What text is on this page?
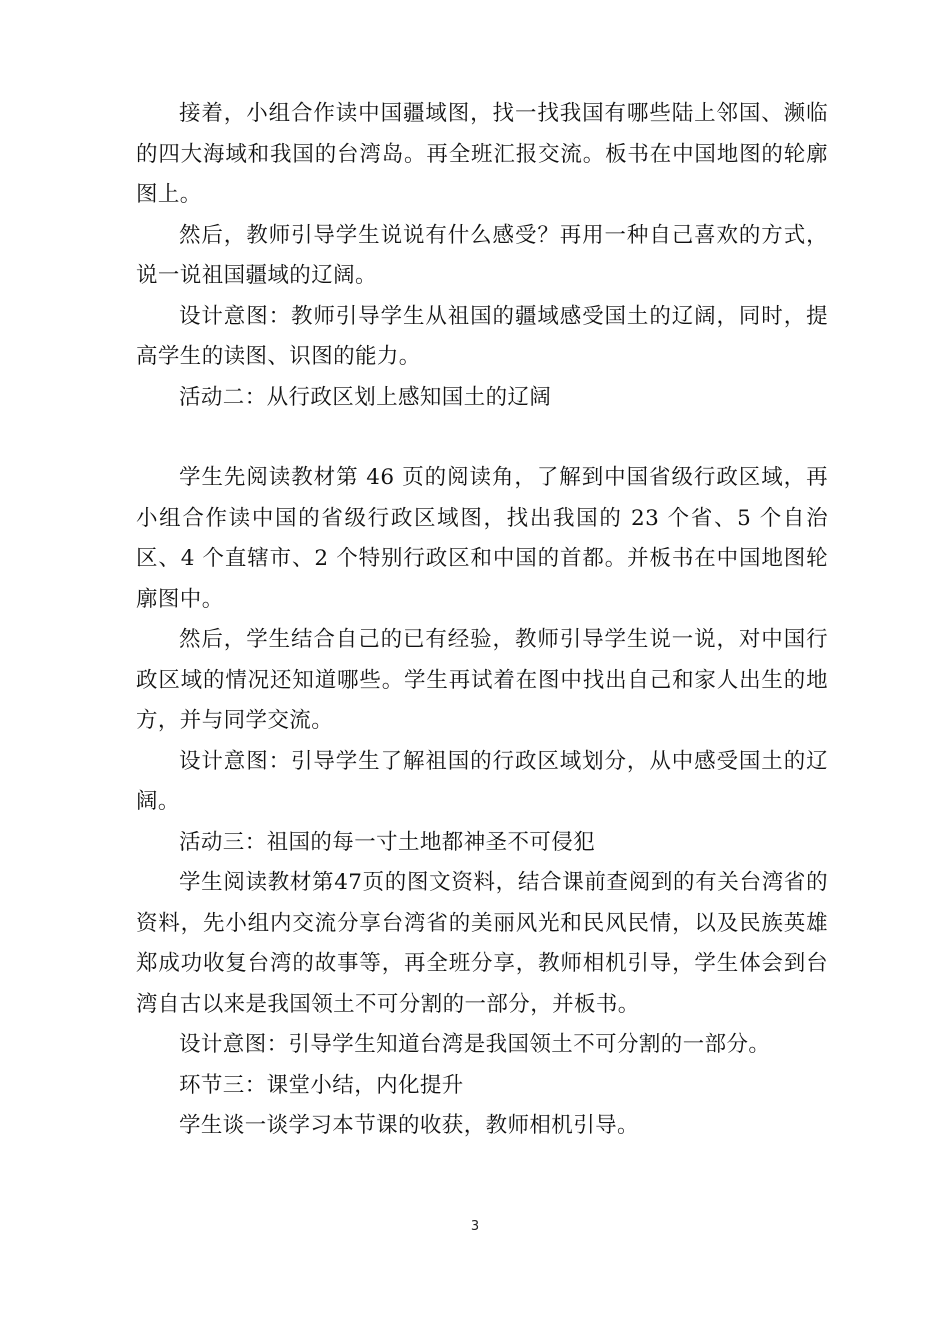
接着，小组合作读中国疆域图，找一找我国有哪些陆上邻国、濒临的四大海域和我国的台湾岛。再全班汇报交流。板书在中国地图的轮廓图上。

然后，教师引导学生说说有什么感受？再用一种自己喜欢的方式，说一说祖国疆域的辽阔。

设计意图：教师引导学生从祖国的疆域感受国土的辽阔，同时，提高学生的读图、识图的能力。

活动二：从行政区划上感知国土的辽阔

学生先阅读教材第 46 页的阅读角，了解到中国省级行政区域，再小组合作读中国的省级行政区域图，找出我国的 23 个省、5 个自治区、4 个直辖市、2 个特别行政区和中国的首都。并板书在中国地图轮廓图中。

然后，学生结合自己的已有经验，教师引导学生说一说，对中国行政区域的情况还知道哪些。学生再试着在图中找出自己和家人出生的地方，并与同学交流。

设计意图：引导学生了解祖国的行政区域划分，从中感受国土的辽阔。

活动三：祖国的每一寸土地都神圣不可侵犯

学生阅读教材第47页的图文资料，结合课前查阅到的有关台湾省的资料，先小组内交流分享台湾省的美丽风光和民风民情，以及民族英雄郑成功收复台湾的故事等，再全班分享，教师相机引导，学生体会到台湾自古以来是我国领土不可分割的一部分，并板书。

设计意图：引导学生知道台湾是我国领土不可分割的一部分。

环节三：课堂小结，内化提升

学生谈一谈学习本节课的收获，教师相机引导。

3
